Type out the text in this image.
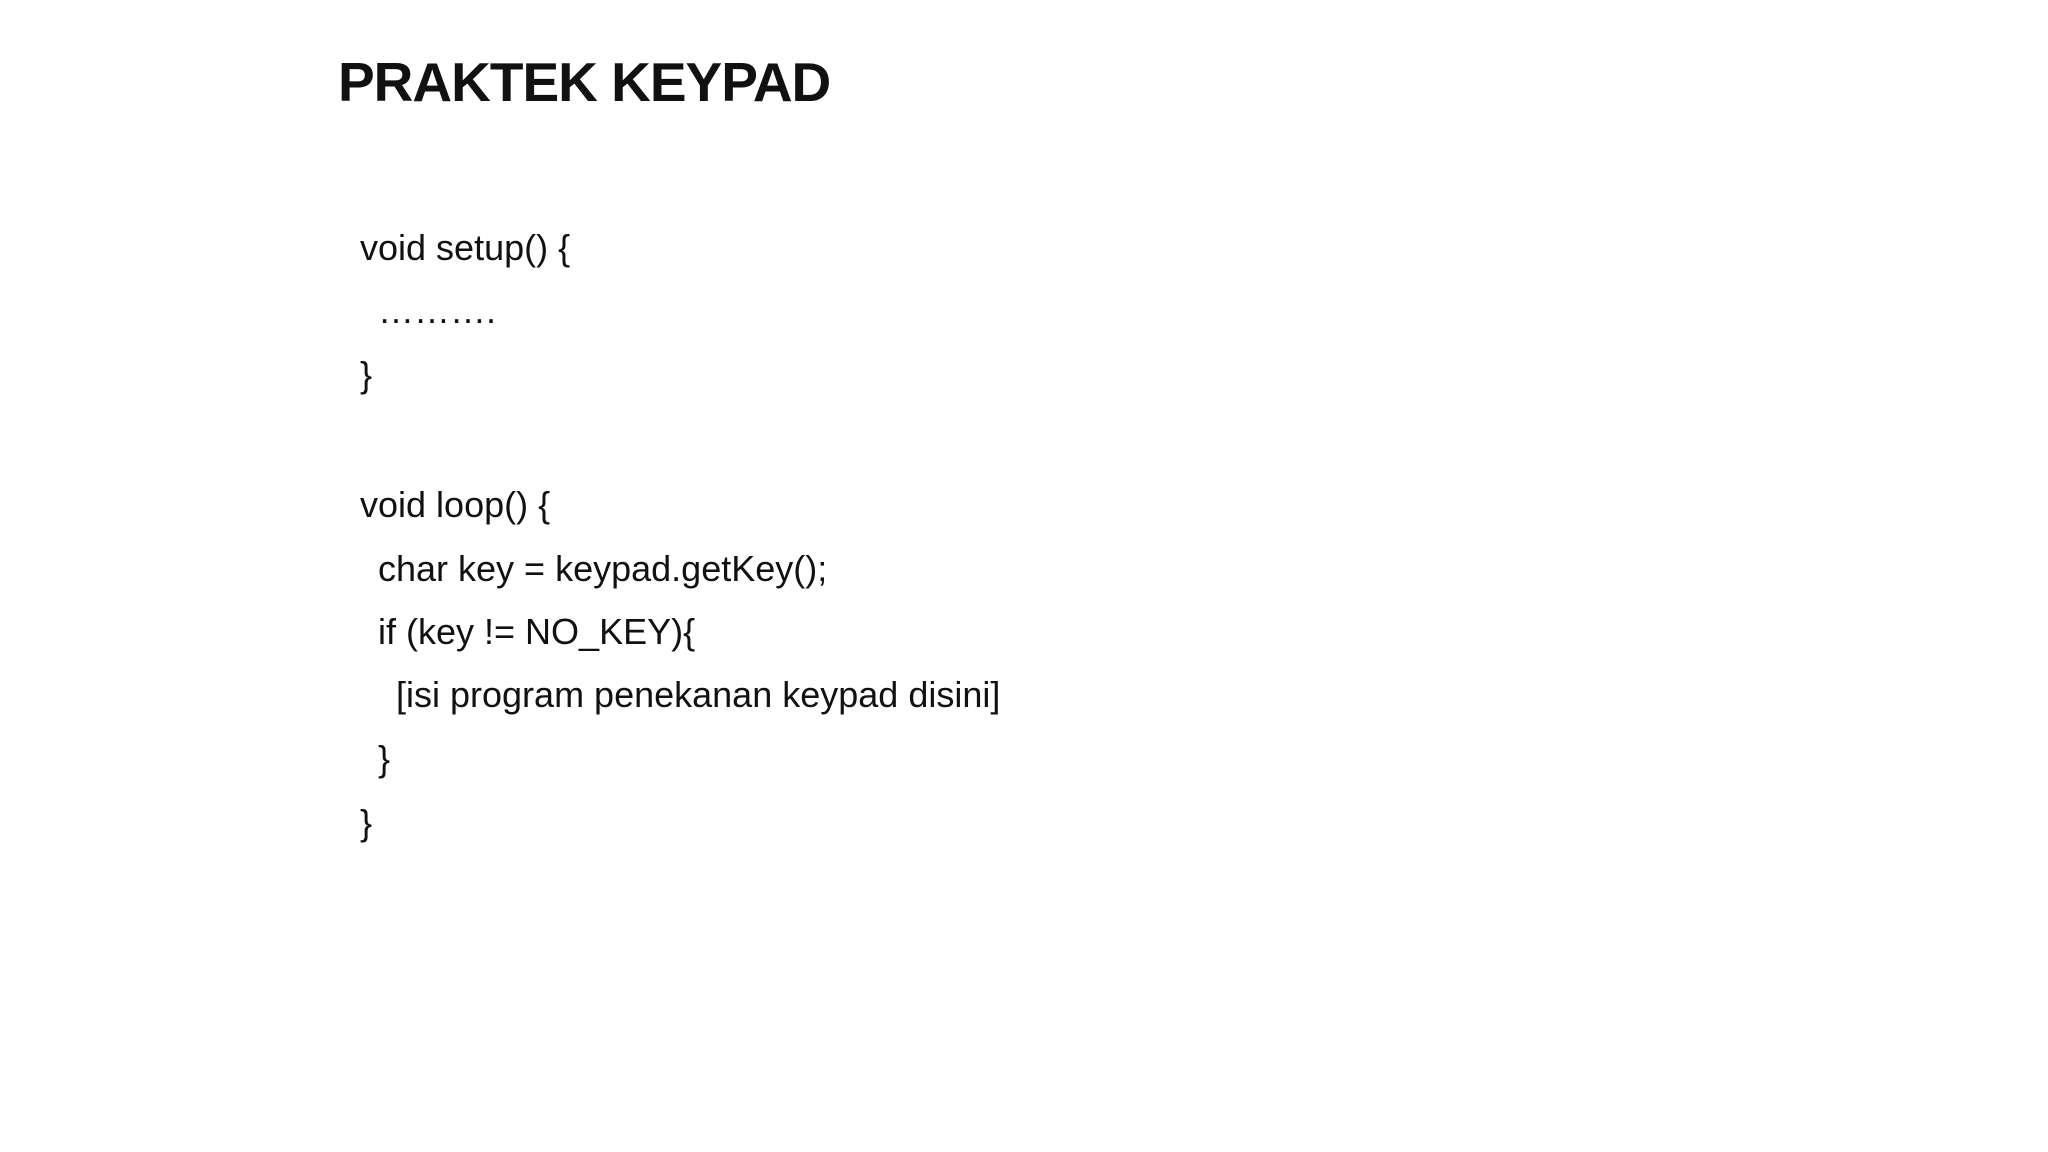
PRAKTEK KEYPAD

void setup() {

……….

}

void loop() {

char key = keypad.getKey();

if (key != NO_KEY){

[isi program penekanan keypad disini]

}

}
